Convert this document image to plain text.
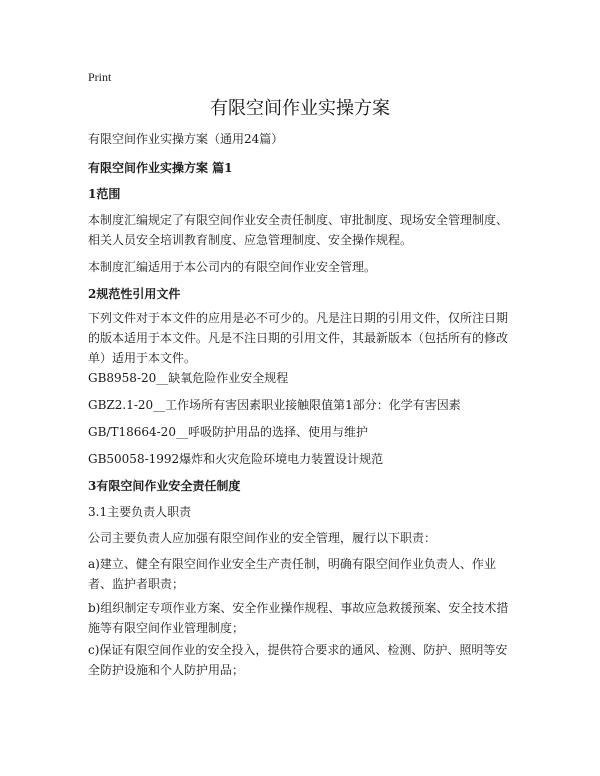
Print
有限空间作业实操方案
有限空间作业实操方案（通用24篇）
有限空间作业实操方案 篇1
1范围
本制度汇编规定了有限空间作业安全责任制度、审批制度、现场安全管理制度、相关人员安全培训教育制度、应急管理制度、安全操作规程。
本制度汇编适用于本公司内的有限空间作业安全管理。
2规范性引用文件
下列文件对于本文件的应用是必不可少的。凡是注日期的引用文件，仅所注日期的版本适用于本文件。凡是不注日期的引用文件，其最新版本（包括所有的修改单）适用于本文件。
GB8958-20__缺氧危险作业安全规程
GBZ2.1-20__工作场所有害因素职业接触限值第1部分：化学有害因素
GB/T18664-20__呼吸防护用品的选择、使用与维护
GB50058-1992爆炸和火灾危险环境电力装置设计规范
3有限空间作业安全责任制度
3.1主要负责人职责
公司主要负责人应加强有限空间作业的安全管理，履行以下职责：
a)建立、健全有限空间作业安全生产责任制，明确有限空间作业负责人、作业者、监护者职责；
b)组织制定专项作业方案、安全作业操作规程、事故应急救援预案、安全技术措施等有限空间作业管理制度；
c)保证有限空间作业的安全投入，提供符合要求的通风、检测、防护、照明等安全防护设施和个人防护用品；
